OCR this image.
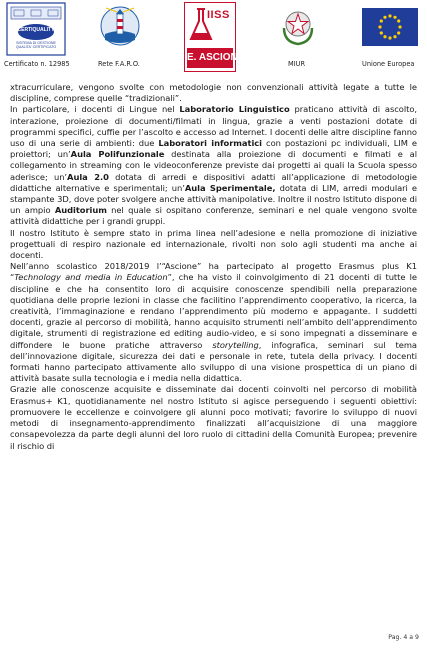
CERTIQUALITY
SISTEMA DI GESTIONE
QUALITA' CERTIFICATO
Certificato n. 12985	Rete F.A.R.O.
IISS
E. ASCIONE
MIUR	Unione Europea

xtracurriculare, vengono svolte con metodologie non convenzionali attività legate a tutte le discipline, comprese quelle “tradizionali”.

In particolare, i docenti di Lingue nel Laboratorio Linguistico praticano attività di ascolto, interazione, proiezione di documenti/filmati in lingua, grazie a venti postazioni dotate di programmi specifici, cuffie per l’ascolto e accesso ad Internet. I docenti delle altre discipline fanno uso di una serie di ambienti: due Laboratori informatici con postazioni pc individuali, LIM e proiettori; un’Aula Polifunzionale destinata alla proiezione di documenti e filmati e al collegamento in streaming con le videoconferenze previste dai progetti ai quali la Scuola spesso aderisce; un’Aula 2.0 dotata di arredi e dispositivi adatti all’applicazione di metodologie didattiche alternative e sperimentali; un’Aula Sperimentale, dotata di LIM, arredi modulari e stampante 3D, dove poter svolgere anche attività manipolative. Inoltre il nostro Istituto dispone di un ampio Auditorium nel quale si ospitano conferenze, seminari e nel quale vengono svolte attività didattiche per i grandi gruppi.

Il nostro Istituto è sempre stato in prima linea nell’adesione e nella promozione di iniziative progettuali di respiro nazionale ed internazionale, rivolti non solo agli studenti ma anche ai docenti.

Nell’anno scolastico 2018/2019 l’“Ascione” ha partecipato al progetto Erasmus plus K1 “Technology and media in Education”, che ha visto il coinvolgimento di 21 docenti di tutte le discipline e che ha consentito loro di acquisire conoscenze spendibili nella preparazione quotidiana delle proprie lezioni in classe che facilitino l’apprendimento cooperativo, la ricerca, la creatività, l’immaginazione e rendano l’apprendimento più moderno e appagante. I suddetti docenti, grazie al percorso di mobilità, hanno acquisito strumenti nell’ambito dell’apprendimento digitale, strumenti di registrazione ed editing audio-video, e si sono impegnati a disseminare e diffondere le buone pratiche attraverso storytelling, infografica, seminari sul tema dell’innovazione digitale, sicurezza dei dati e personale in rete, tutela della privacy. I docenti formati hanno partecipato attivamente allo sviluppo di una visione prospettica di un piano di attività basate sulla tecnologia e i media nella didattica.

Grazie alle conoscenze acquisite e disseminate dai docenti coinvolti nel percorso di mobilità Erasmus+ K1, quotidianamente nel nostro Istituto si agisce perseguendo i seguenti obiettivi: promuovere le eccellenze e coinvolgere gli alunni poco motivati; favorire lo sviluppo di nuovi metodi di insegnamento-apprendimento finalizzati all’acquisizione di una maggiore consapevolezza da parte degli alunni del loro ruolo di cittadini della Comunità Europea; prevenire il rischio di

Pag. 4 a 9
